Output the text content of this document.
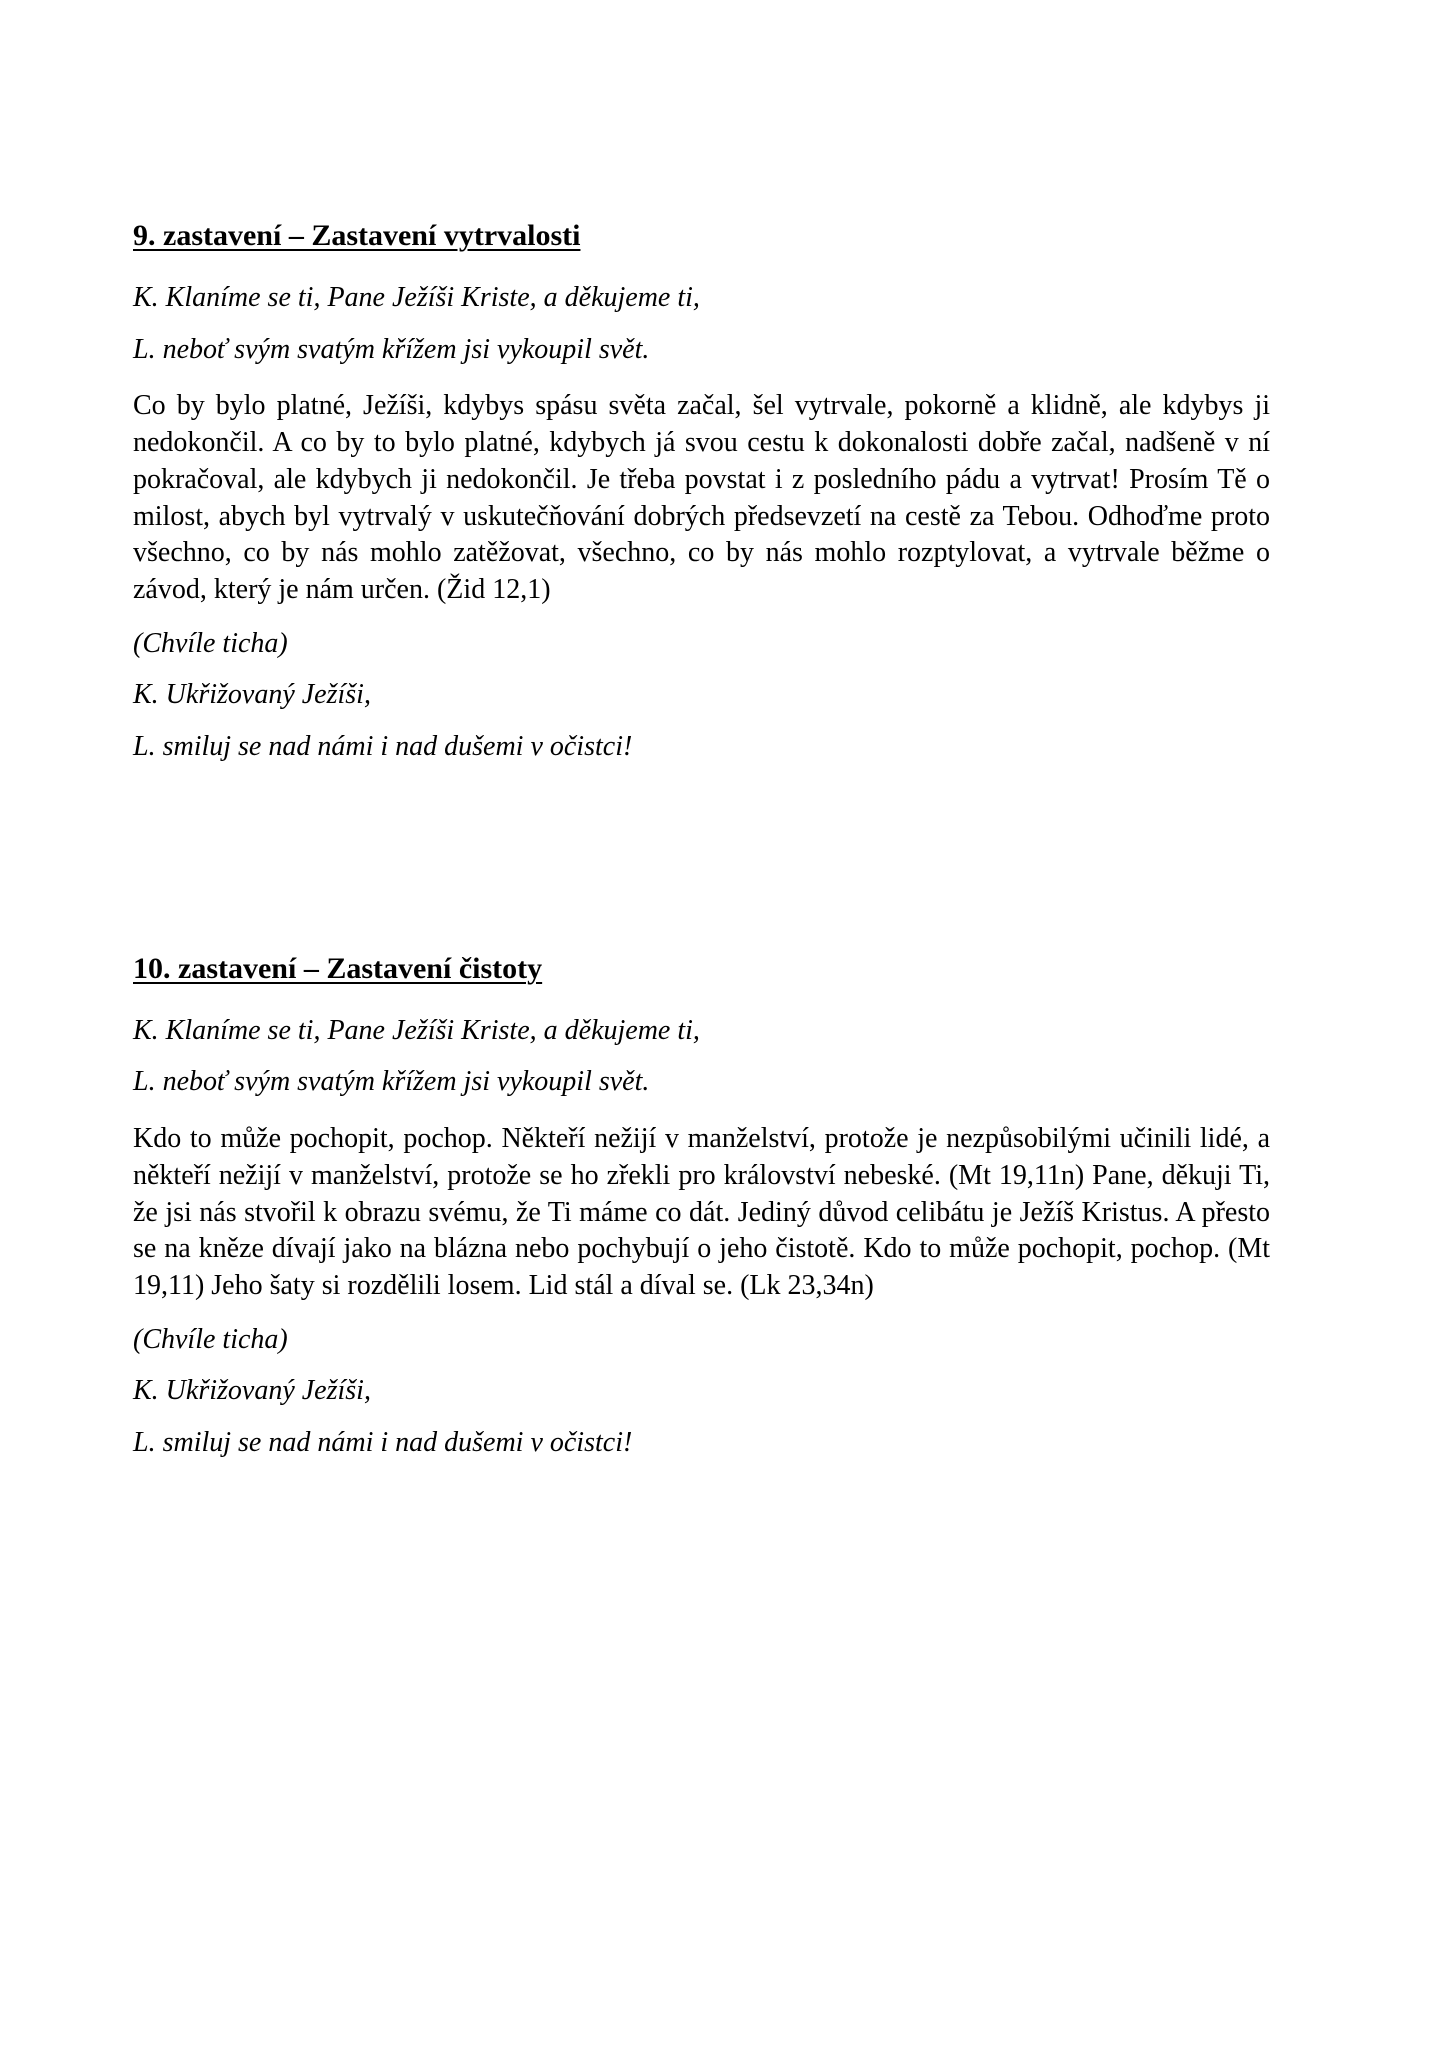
9. zastavení – Zastavení vytrvalosti

K. Klaníme se ti, Pane Ježíši Kriste, a děkujeme ti,

L. neboť svým svatým křížem jsi vykoupil svět.

Co by bylo platné, Ježíši, kdybys spásu světa začal, šel vytrvale, pokorně a klidně, ale kdybys ji nedokončil. A co by to bylo platné, kdybych já svou cestu k dokonalosti dobře začal, nadšeně v ní pokračoval, ale kdybych ji nedokončil. Je třeba povstat i z posledního pádu a vytrvat! Prosím Tě o milost, abych byl vytrvalý v uskutečňování dobrých předsevzetí na cestě za Tebou. Odhoďme proto všechno, co by nás mohlo zatěžovat, všechno, co by nás mohlo rozptylovat, a vytrvale běžme o závod, který je nám určen. (Žid 12,1)

(Chvíle ticha)

K. Ukřižovaný Ježíši,

L. smiluj se nad námi i nad dušemi v očistci!

10. zastavení – Zastavení čistoty

K. Klaníme se ti, Pane Ježíši Kriste, a děkujeme ti,

L. neboť svým svatým křížem jsi vykoupil svět.

Kdo to může pochopit, pochop. Někteří nežijí v manželství, protože je nezpůsobilými učinili lidé, a někteří nežijí v manželství, protože se ho zřekli pro království nebeské. (Mt 19,11n) Pane, děkuji Ti, že jsi nás stvořil k obrazu svému, že Ti máme co dát. Jediný důvod celibátu je Ježíš Kristus. A přesto se na kněze dívají jako na blázna nebo pochybují o jeho čistotě. Kdo to může pochopit, pochop. (Mt 19,11) Jeho šaty si rozdělili losem. Lid stál a díval se. (Lk 23,34n)

(Chvíle ticha)

K. Ukřižovaný Ježíši,

L. smiluj se nad námi i nad dušemi v očistci!
